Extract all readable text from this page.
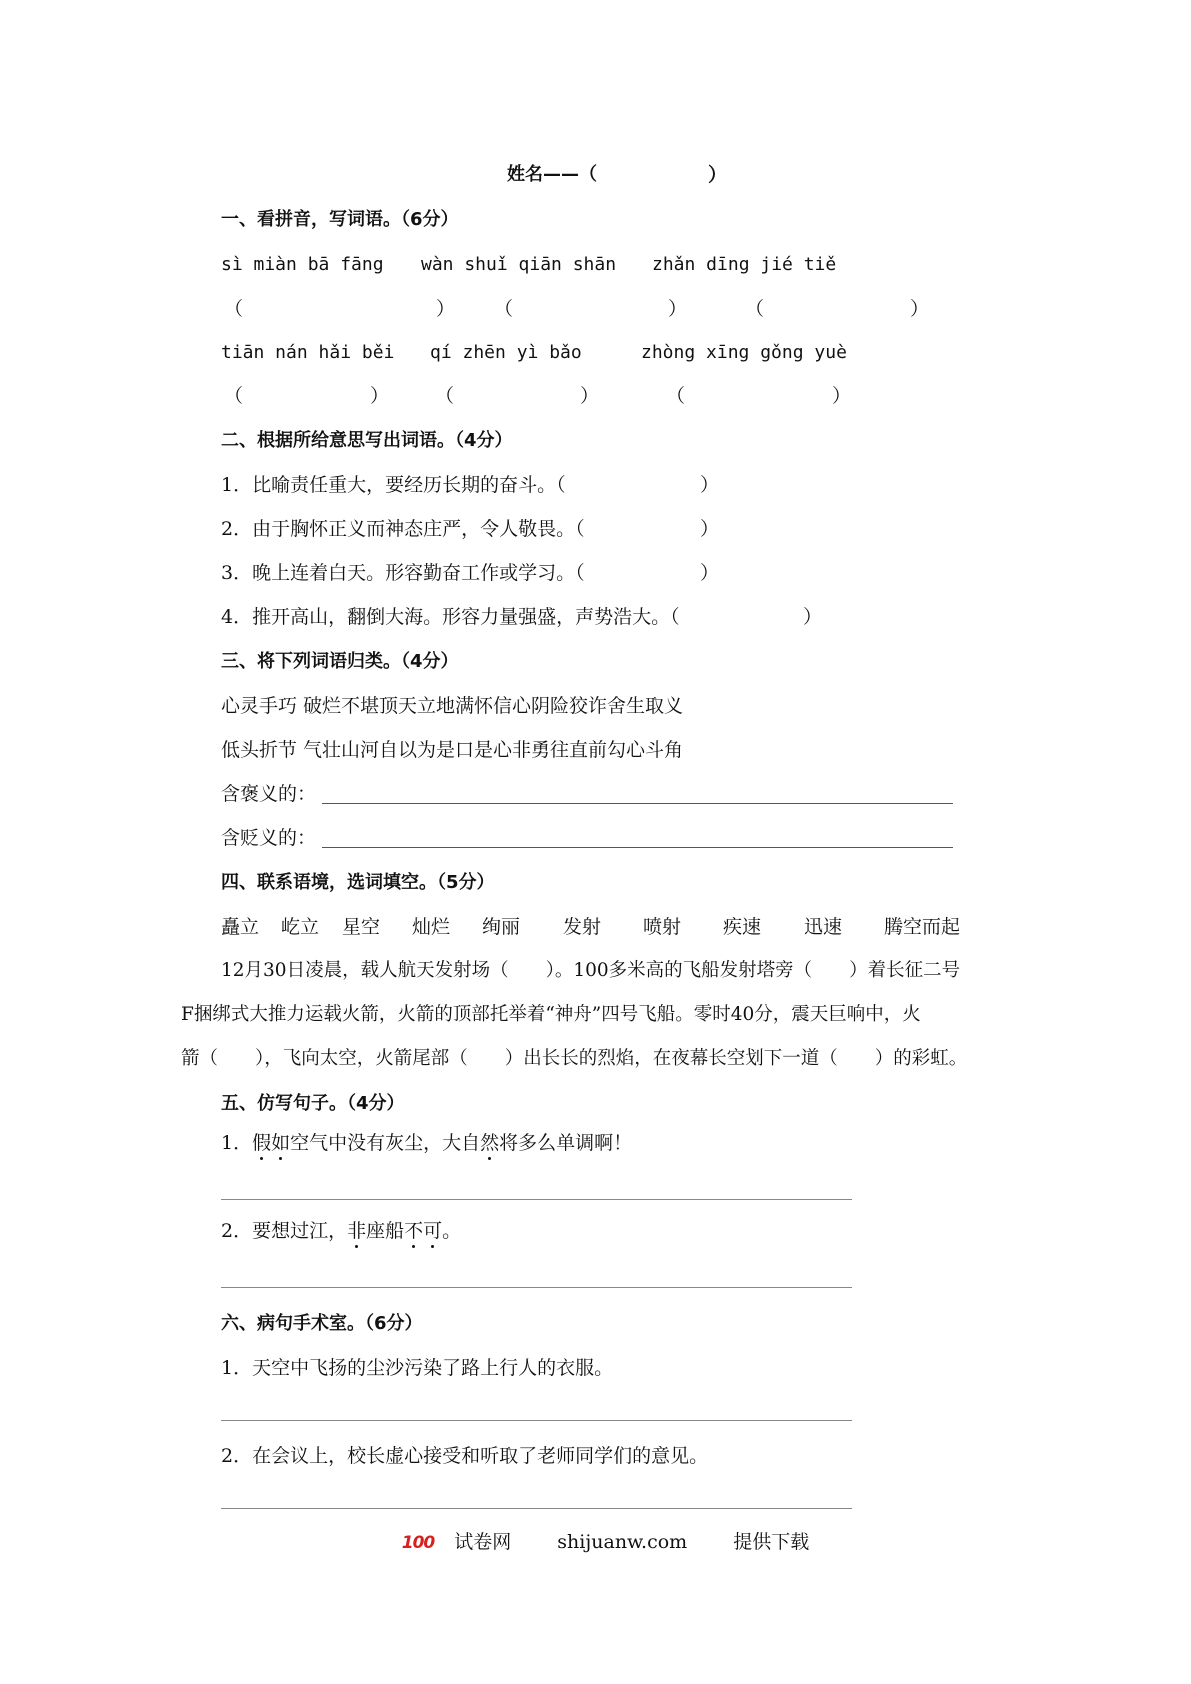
姓名——（	）
一、看拼音，写词语。（6分）
sì miàn bā fāng wàn shuǐ qiān shān zhǎn dīng jié tiě
（	） （	）	（	）
tiān nán hǎi běi qí zhēn yì bǎo	zhòng xīng gǒng yuè
（	） （	）	（	）
二、根据所给意思写出词语。（4分）
1．比喻责任重大，要经历长期的奋斗。（	）
2．由于胸怀正义而神态庄严，令人敬畏。（	）
3．晚上连着白天。形容勤奋工作或学习。（	）
4．推开高山，翻倒大海。形容力量强盛，声势浩大。（	）
三、将下列词语归类。（4分）
心灵手巧 破烂不堪顶天立地满怀信心阴险狡诈舍生取义
低头折节 气壮山河自以为是口是心非勇往直前勾心斗角
含褒义的：
含贬义的：
四、联系语境，选词填空。（5分）
矗立 屹立 星空 灿烂 绚丽 发射 喷射 疾速 迅速 腾空而起
12月30日凌晨，载人航天发射场（　　）。100多米高的飞船发射塔旁（　　）着长征二号
F捆绑式大推力运载火箭，火箭的顶部托举着“神舟”四号飞船。零时40分，震天巨响中，火
箭（　　），飞向太空，火箭尾部（　　）出长长的烈焰，在夜幕长空划下一道（　　）的彩虹。
五、仿写句子。（4分）
1．假如空气中没有灰尘，大自然将多么单调啊！
2．要想过江，非座船不可。
六、病句手术室。（6分）
1．天空中飞扬的尘沙污染了路上行人的衣服。
2．在会议上，校长虚心接受和听取了老师同学们的意见。
100 试卷网 shijuanw.com 提供下载
